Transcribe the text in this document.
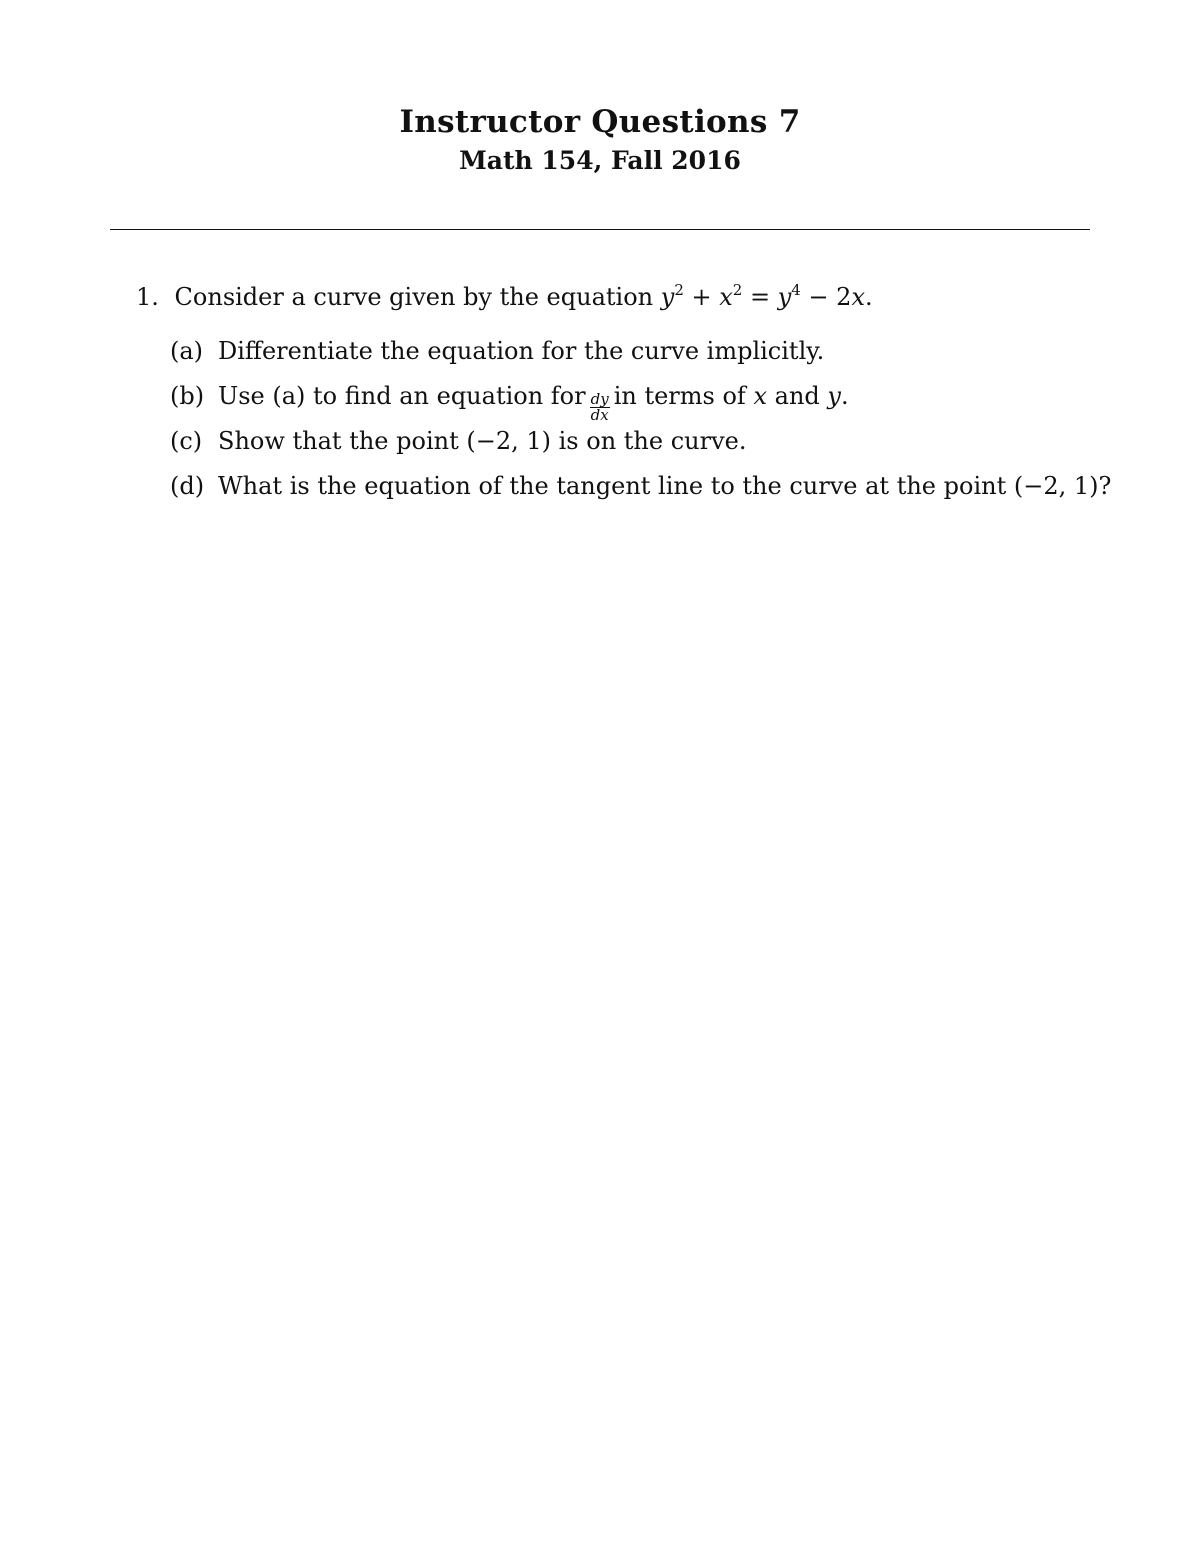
Instructor Questions 7
Math 154, Fall 2016
1. Consider a curve given by the equation $y^2 + x^2 = y^4 - 2x$.
(a) Differentiate the equation for the curve implicitly.
(b) Use (a) to find an equation for $\frac{dy}{dx}$ in terms of
x
and
y .
(c) Show that the point (−2, 1) is on the curve.
(d) What is the equation of the tangent line to the curve at the point (−2, 1)?
